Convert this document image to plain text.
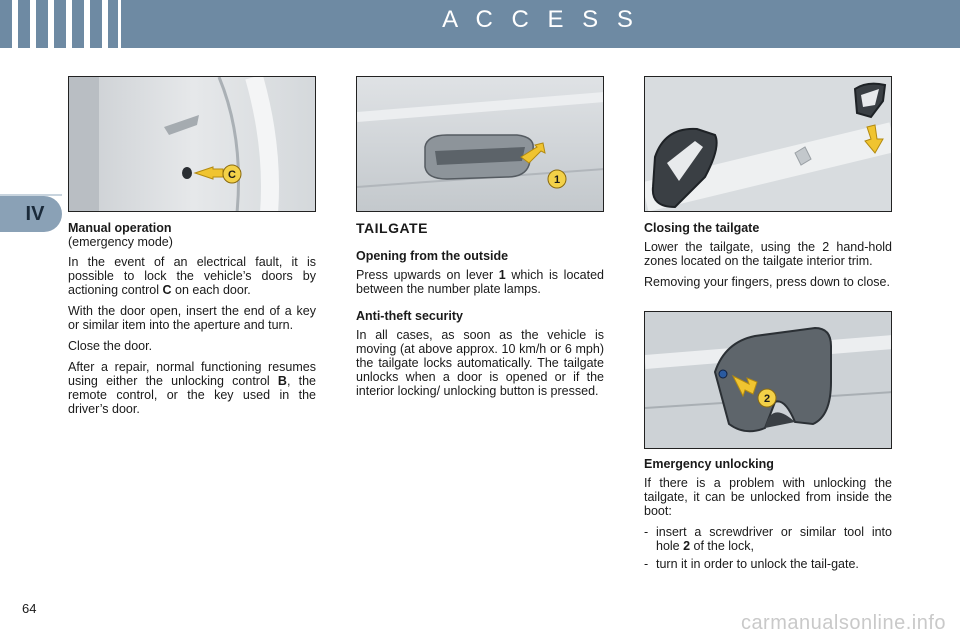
A C C E S S
IV
C	1
2
Manual operation

(emergency mode)

In the event of an electrical fault, it is possible to lock the vehicle’s doors by actioning control C on each door.

With the door open, insert the end of a key or similar item into the aperture and turn.

Close the door.

After a repair, normal functioning resumes using either the unlocking control B, the remote control, or the key used in the driver’s door.

TAILGATE
Opening from the outside

Press upwards on lever 1 which is located between the number plate lamps.

Anti-theft security

In all cases, as soon as the vehicle is moving (at above approx. 10 km/h or 6 mph) the tailgate locks automatically. The tailgate unlocks when a door is opened or if the interior locking/ unlocking button is pressed.

Closing the tailgate

Lower the tailgate, using the 2 hand-hold zones located on the tailgate interior trim.

Removing your fingers, press down to close.

Emergency unlocking

If there is a problem with unlocking the tailgate, it can be unlocked from inside the boot:

- insert a screwdriver or similar tool into hole 2 of the lock,
- turn it in order to unlock the tail-gate.
64
carmanualsonline.info
